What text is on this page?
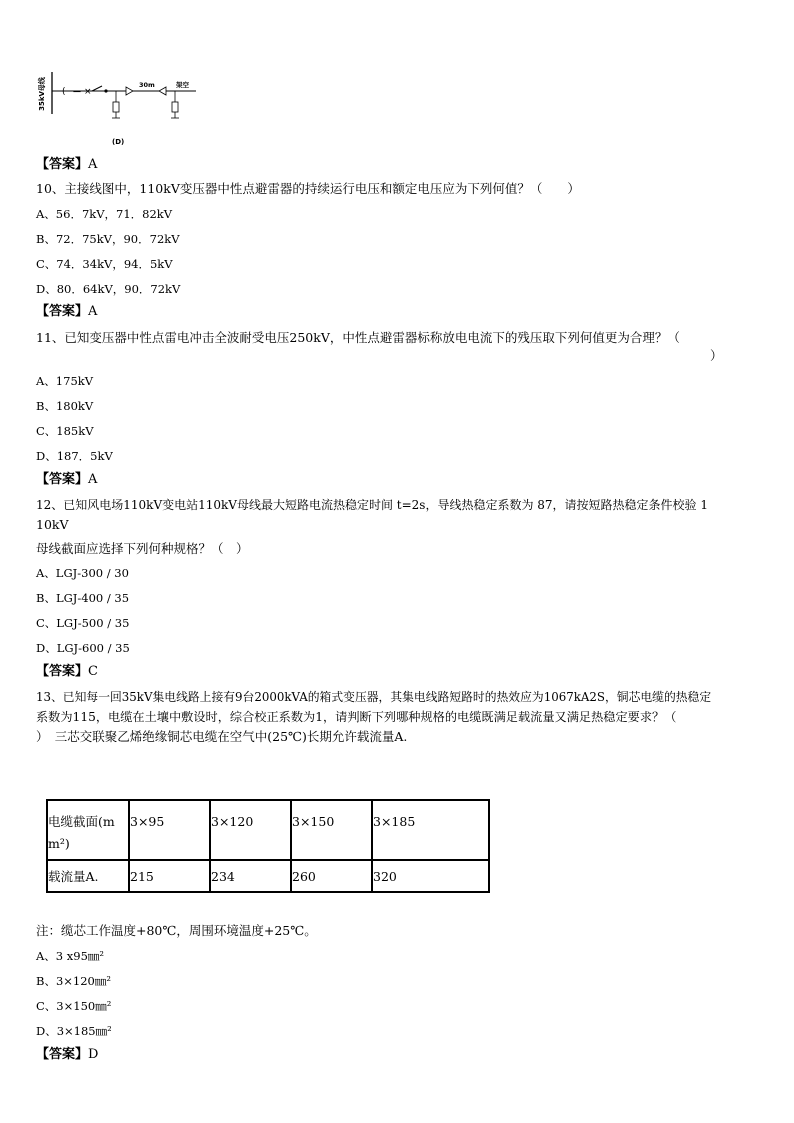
35kV母线 ( — ×
30m	架空
(D)
【答案】A
10、主接线图中，110kV变压器中性点避雷器的持续运行电压和额定电压应为下列何值？（　　）
A、56．7kV，71．82kV
B、72．75kV，90．72kV
C、74．34kV，94．5kV
D、80．64kV，90．72kV
【答案】A
11、已知变压器中性点雷电冲击全波耐受电压250kV，中性点避雷器标称放电电流下的残压取下列何值更为合理？（
）
A、175kV
B、180kV
C、185kV
D、187．5kV
【答案】A
12、已知风电场110kV变电站110kV母线最大短路电流热稳定时间 t=2s，导线热稳定系数为 87，请按短路热稳定条件校验 1
10kV
母线截面应选择下列何种规格？（　）
A、LGJ-300 / 30
B、LGJ-400 / 35
C、LGJ-500 / 35
D、LGJ-600 / 35
【答案】C
13、已知每一回35kV集电线路上接有9台2000kVA的箱式变压器，其集电线路短路时的热效应为1067kA2S，铜芯电缆的热稳定
系数为115，电缆在土壤中敷设时，综合校正系数为1，请判断下列哪种规格的电缆既满足载流量又满足热稳定要求？（
）　三芯交联聚乙烯绝缘铜芯电缆在空气中(25℃)长期允许载流量A.
电缆截面(m
m²)	3×95	3×120	3×150	3×185

载流量A.	215	234	260	320
注：缆芯工作温度+80℃，周围环境温度+25℃。
A、3 x95㎜²
B、3×120㎜²
C、3×150㎜²
D、3×185㎜²
【答案】D
